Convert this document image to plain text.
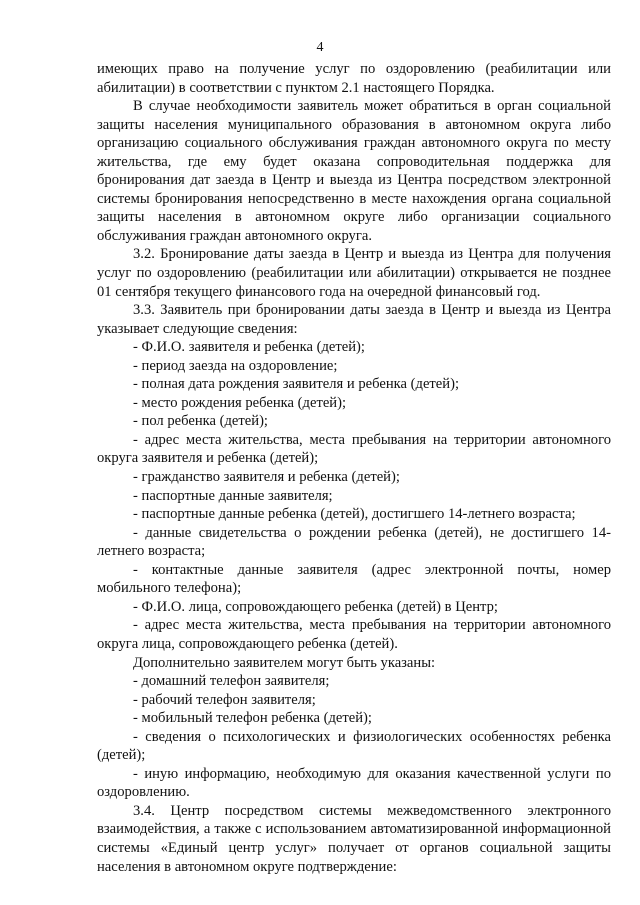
4

имеющих право на получение услуг по оздоровлению (реабилитации или абилитации) в соответствии с пунктом 2.1 настоящего Порядка.

В случае необходимости заявитель может обратиться в орган социальной защиты населения муниципального образования в автономном округа либо организацию социального обслуживания граждан автономного округа по месту жительства, где ему будет оказана сопроводительная поддержка для бронирования дат заезда в Центр и выезда из Центра посредством электронной системы бронирования непосредственно в месте нахождения органа социальной защиты населения в автономном округе либо организации социального обслуживания граждан автономного округа.

3.2. Бронирование даты заезда в Центр и выезда из Центра для получения услуг по оздоровлению (реабилитации или абилитации) открывается не позднее 01 сентября текущего финансового года на очередной финансовый год.

3.3. Заявитель при бронировании даты заезда в Центр и выезда из Центра указывает следующие сведения:

- Ф.И.О. заявителя и ребенка (детей);

- период заезда на оздоровление;

- полная дата рождения заявителя и ребенка (детей);

- место рождения ребенка (детей);

- пол ребенка (детей);

- адрес места жительства, места пребывания на территории автономного округа заявителя и ребенка (детей);

- гражданство заявителя и ребенка (детей);

- паспортные данные заявителя;

- паспортные данные ребенка (детей), достигшего 14-летнего возраста;

- данные свидетельства о рождении ребенка (детей), не достигшего 14-летнего возраста;

- контактные данные заявителя (адрес электронной почты, номер мобильного телефона);

- Ф.И.О. лица, сопровождающего ребенка (детей) в Центр;

- адрес места жительства, места пребывания на территории автономного округа лица, сопровождающего ребенка (детей).

Дополнительно заявителем могут быть указаны:

- домашний телефон заявителя;

- рабочий телефон заявителя;

- мобильный телефон ребенка (детей);

- сведения о психологических и физиологических особенностях ребенка (детей);

- иную информацию, необходимую для оказания качественной услуги по оздоровлению.

3.4. Центр посредством системы межведомственного электронного взаимодействия, а также с использованием автоматизированной информационной системы «Единый центр услуг» получает от органов социальной защиты населения в автономном округе подтверждение:
